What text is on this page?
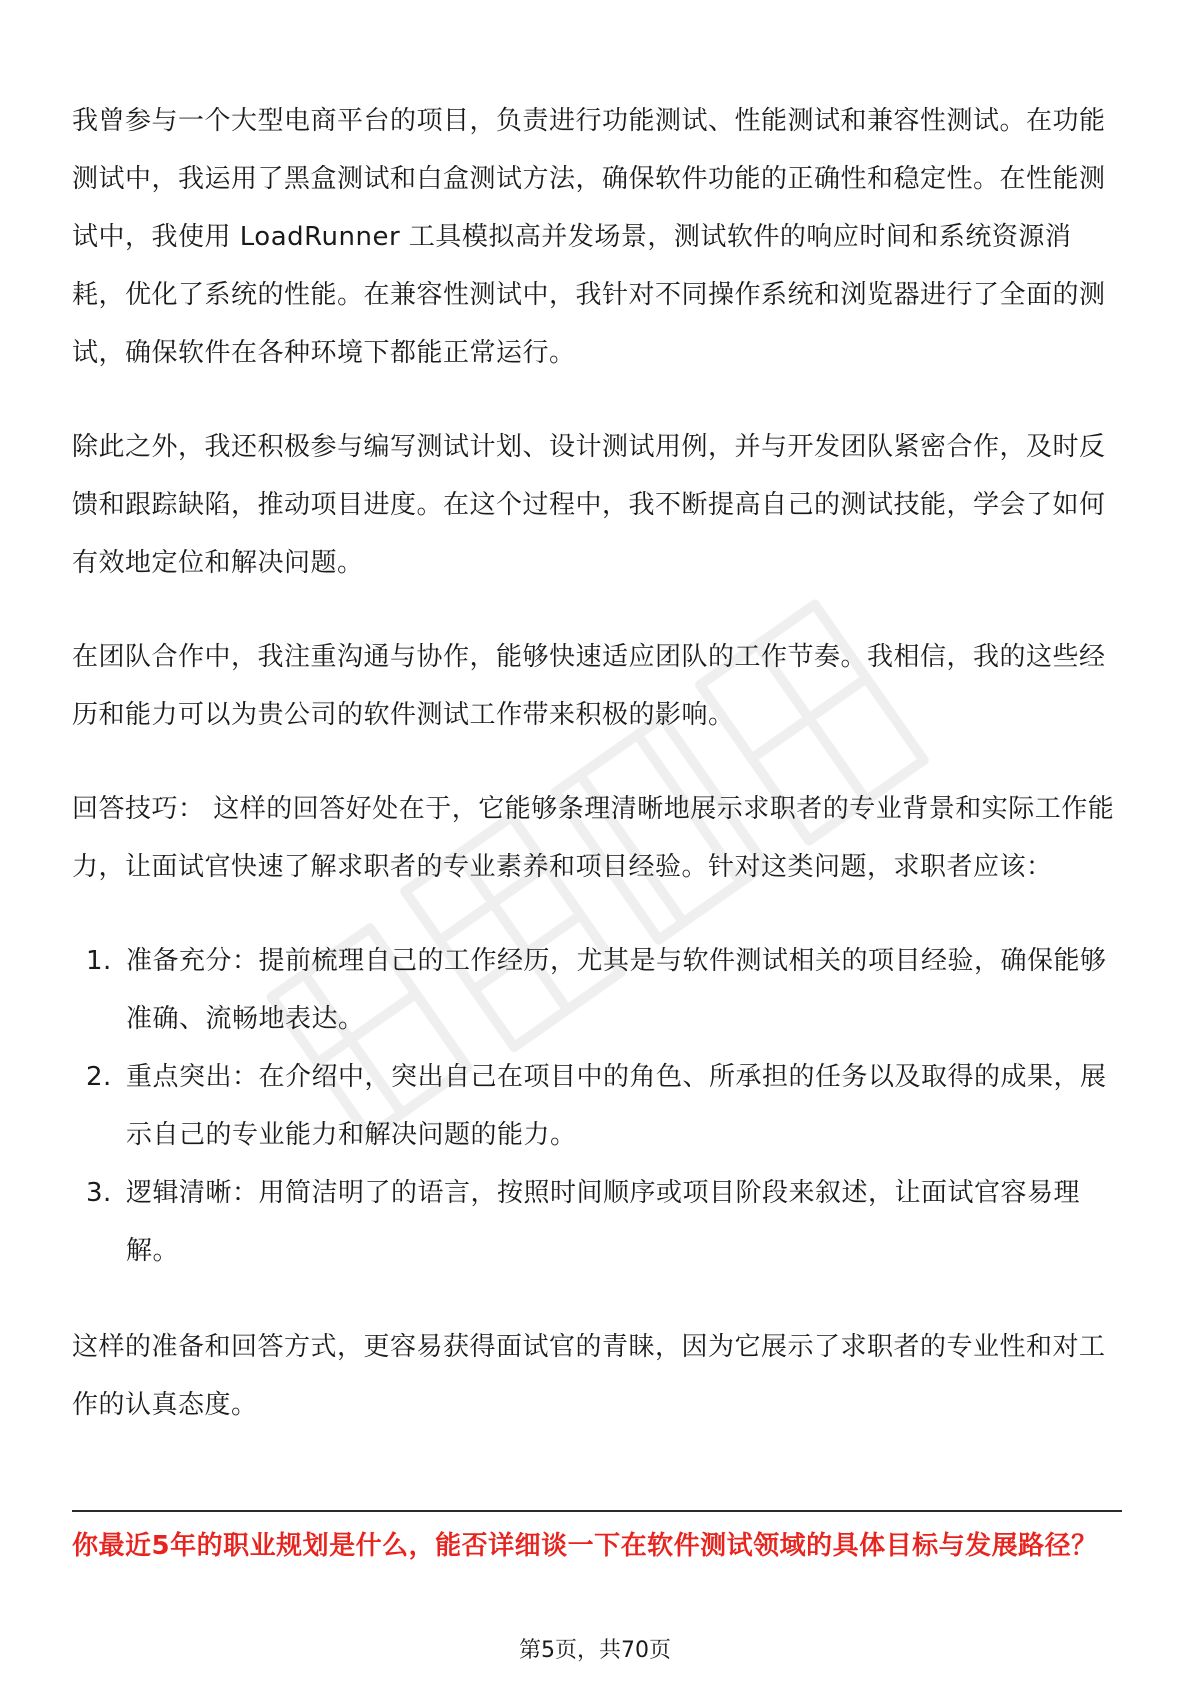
我曾参与一个大型电商平台的项目，负责进行功能测试、性能测试和兼容性测试。在功能测试中，我运用了黑盒测试和白盒测试方法，确保软件功能的正确性和稳定性。在性能测试中，我使用 LoadRunner 工具模拟高并发场景，测试软件的响应时间和系统资源消耗，优化了系统的性能。在兼容性测试中，我针对不同操作系统和浏览器进行了全面的测试，确保软件在各种环境下都能正常运行。

除此之外，我还积极参与编写测试计划、设计测试用例，并与开发团队紧密合作，及时反馈和跟踪缺陷，推动项目进度。在这个过程中，我不断提高自己的测试技能，学会了如何有效地定位和解决问题。

在团队合作中，我注重沟通与协作，能够快速适应团队的工作节奏。我相信，我的这些经历和能力可以为贵公司的软件测试工作带来积极的影响。

回答技巧： 这样的回答好处在于，它能够条理清晰地展示求职者的专业背景和实际工作能力，让面试官快速了解求职者的专业素养和项目经验。针对这类问题，求职者应该：

1. 准备充分：提前梳理自己的工作经历，尤其是与软件测试相关的项目经验，确保能够准确、流畅地表达。
2. 重点突出：在介绍中，突出自己在项目中的角色、所承担的任务以及取得的成果，展示自己的专业能力和解决问题的能力。
3. 逻辑清晰：用简洁明了的语言，按照时间顺序或项目阶段来叙述，让面试官容易理解。

这样的准备和回答方式，更容易获得面试官的青睐，因为它展示了求职者的专业性和对工作的认真态度。

你最近5年的职业规划是什么，能否详细谈一下在软件测试领域的具体目标与发展路径？
第5页，共70页
